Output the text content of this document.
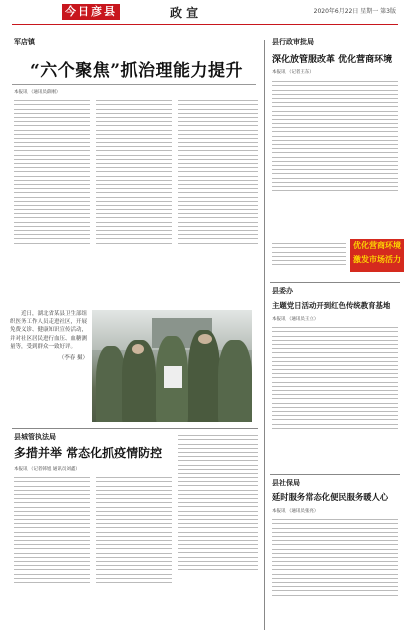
今日彦县	政 宣	2020年6月22日 星期一 第3版
军店镇
“六个聚焦”抓治理能力提升
本报讯 （通讯员薛刚）
近日，湖北省某县卫生部组织医务工作人员走进社区，开展免费义诊、健康知识宣传活动，并对社区居民进行血压、血糖测量等，受到群众一致好评。
（李春 摄）
县城管执法局
多措并举 常态化抓疫情防控
本报讯 （记者韩旭 通讯员刘鑫）
县行政审批局
深化放管服改革 优化营商环境
本报讯 （记者王东）
优化营商环境
激发市场活力
县委办
主题党日活动开到红色传统教育基地
本报讯 （通讯员王立）
县社保局
延时服务常态化便民服务暖人心
本报讯 （通讯员张亮）
